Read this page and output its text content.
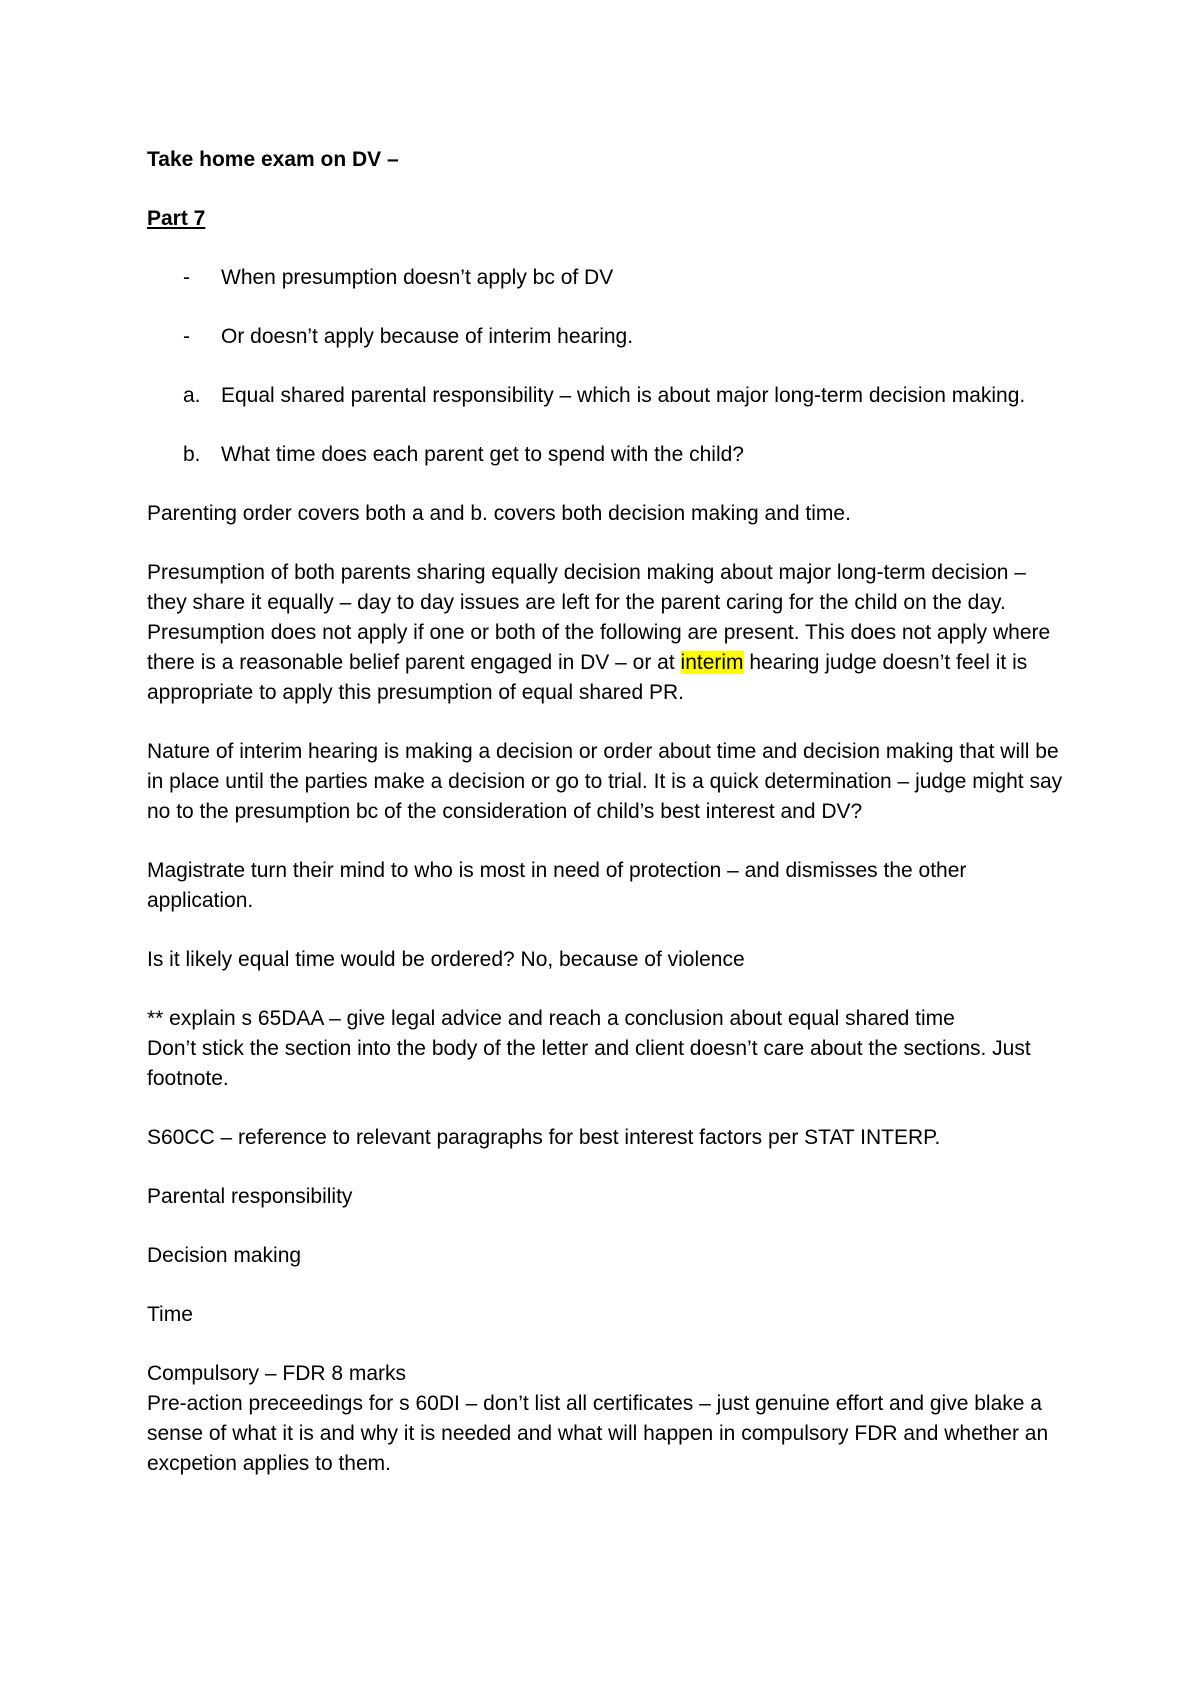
Take home exam on DV –

Part 7

-	When presumption doesn’t apply bc of DV
-	Or doesn’t apply because of interim hearing.
a. Equal shared parental responsibility – which is about major long-term decision making.
b. What time does each parent get to spend with the child?

Parenting order covers both a and b. covers both decision making and time.

Presumption of both parents sharing equally decision making about major long-term decision – they share it equally – day to day issues are left for the parent caring for the child on the day. Presumption does not apply if one or both of the following are present. This does not apply where there is a reasonable belief parent engaged in DV – or at interim hearing judge doesn’t feel it is appropriate to apply this presumption of equal shared PR.

Nature of interim hearing is making a decision or order about time and decision making that will be in place until the parties make a decision or go to trial. It is a quick determination – judge might say no to the presumption bc of the consideration of child’s best interest and DV?

Magistrate turn their mind to who is most in need of protection – and dismisses the other application.

Is it likely equal time would be ordered? No, because of violence

** explain s 65DAA – give legal advice and reach a conclusion about equal shared time

Don’t stick the section into the body of the letter and client doesn’t care about the sections. Just footnote.

S60CC – reference to relevant paragraphs for best interest factors per STAT INTERP.

Parental responsibility

Decision making

Time

Compulsory – FDR 8 marks

Pre-action preceedings for s 60DI – don’t list all certificates – just genuine effort and give blake a sense of what it is and why it is needed and what will happen in compulsory FDR and whether an excpetion applies to them.
